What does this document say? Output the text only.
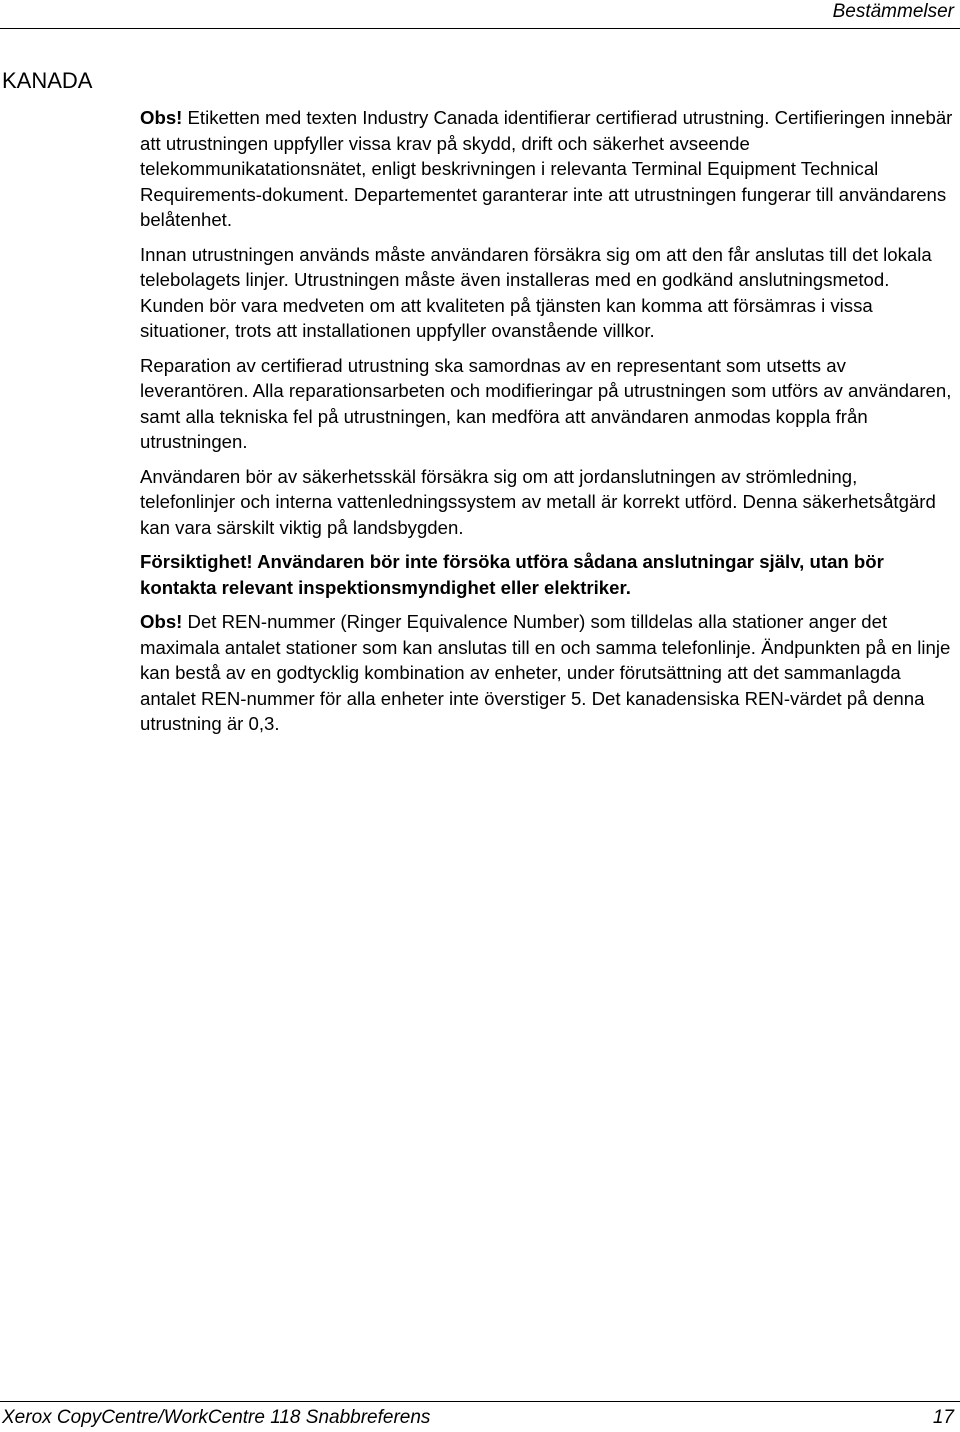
Bestämmelser
KANADA

Obs! Etiketten med texten Industry Canada identifierar certifierad utrustning. Certifieringen innebär att utrustningen uppfyller vissa krav på skydd, drift och säkerhet avseende telekommunikatationsnätet, enligt beskrivningen i relevanta Terminal Equipment Technical Requirements-dokument. Departementet garanterar inte att utrustningen fungerar till användarens belåtenhet.

Innan utrustningen används måste användaren försäkra sig om att den får anslutas till det lokala telebolagets linjer. Utrustningen måste även installeras med en godkänd anslutningsmetod. Kunden bör vara medveten om att kvaliteten på tjänsten kan komma att försämras i vissa situationer, trots att installationen uppfyller ovanstående villkor.

Reparation av certifierad utrustning ska samordnas av en representant som utsetts av leverantören. Alla reparationsarbeten och modifieringar på utrustningen som utförs av användaren, samt alla tekniska fel på utrustningen, kan medföra att användaren anmodas koppla från utrustningen.

Användaren bör av säkerhetsskäl försäkra sig om att jordanslutningen av strömledning, telefonlinjer och interna vattenledningssystem av metall är korrekt utförd. Denna säkerhetsåtgärd kan vara särskilt viktig på landsbygden.

Försiktighet! Användaren bör inte försöka utföra sådana anslutningar själv, utan bör kontakta relevant inspektionsmyndighet eller elektriker.

Obs! Det REN-nummer (Ringer Equivalence Number) som tilldelas alla stationer anger det maximala antalet stationer som kan anslutas till en och samma telefonlinje. Ändpunkten på en linje kan bestå av en godtycklig kombination av enheter, under förutsättning att det sammanlagda antalet REN-nummer för alla enheter inte överstiger 5. Det kanadensiska REN-värdet på denna utrustning är 0,3.

Xerox CopyCentre/WorkCentre 118 Snabbreferens	17
